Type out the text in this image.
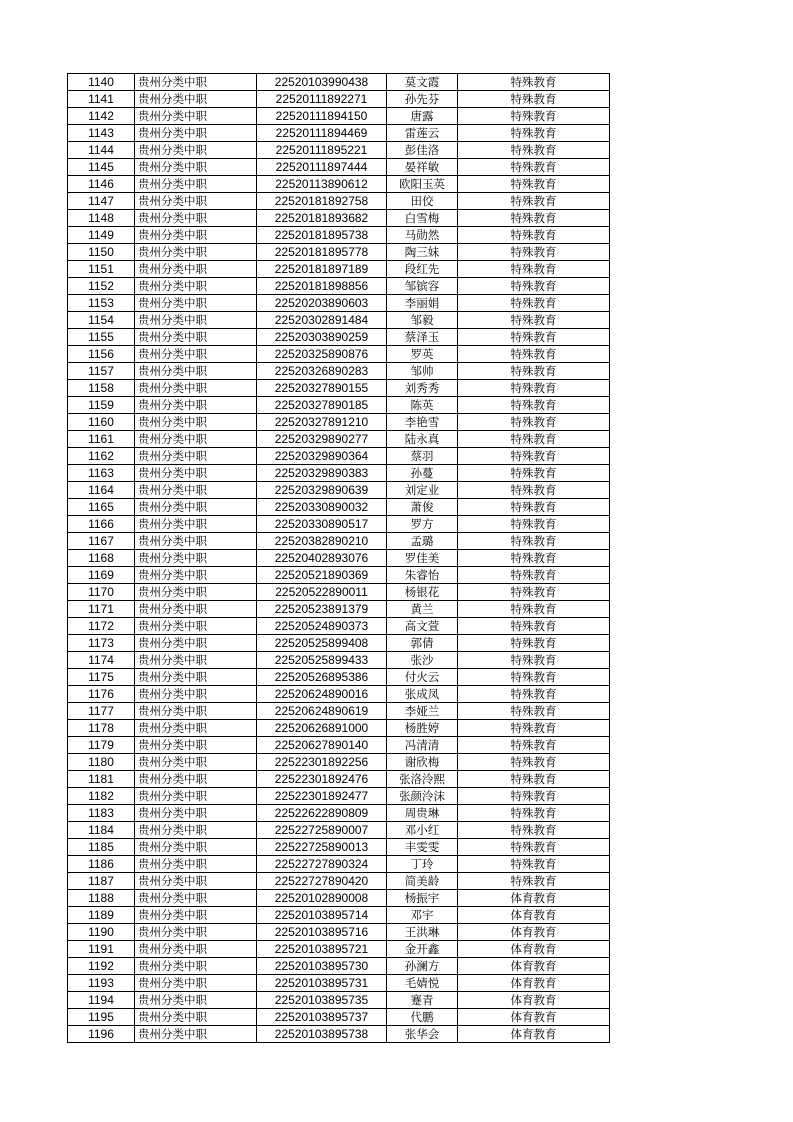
1140	贵州分类中职	22520103990438	莫文霞	特殊教育
1141	贵州分类中职	22520111892271	孙先芬	特殊教育
1142	贵州分类中职	22520111894150	唐露	特殊教育
1143	贵州分类中职	22520111894469	雷莲云	特殊教育
1144	贵州分类中职	22520111895221	彭佳洛	特殊教育
1145	贵州分类中职	22520111897444	晏祥敏	特殊教育
1146	贵州分类中职	22520113890612	欧阳玉英	特殊教育
1147	贵州分类中职	22520181892758	田佼	特殊教育
1148	贵州分类中职	22520181893682	白雪梅	特殊教育
1149	贵州分类中职	22520181895738	马勋然	特殊教育
1150	贵州分类中职	22520181895778	陶三妹	特殊教育
1151	贵州分类中职	22520181897189	段红先	特殊教育
1152	贵州分类中职	22520181898856	邹镔容	特殊教育
1153	贵州分类中职	22520203890603	李丽娟	特殊教育
1154	贵州分类中职	22520302891484	邹毅	特殊教育
1155	贵州分类中职	22520303890259	蔡泽玉	特殊教育
1156	贵州分类中职	22520325890876	罗英	特殊教育
1157	贵州分类中职	22520326890283	邹帅	特殊教育
1158	贵州分类中职	22520327890155	刘秀秀	特殊教育
1159	贵州分类中职	22520327890185	陈英	特殊教育
1160	贵州分类中职	22520327891210	李艳雪	特殊教育
1161	贵州分类中职	22520329890277	陆永真	特殊教育
1162	贵州分类中职	22520329890364	蔡羽	特殊教育
1163	贵州分类中职	22520329890383	孙蔓	特殊教育
1164	贵州分类中职	22520329890639	刘定业	特殊教育
1165	贵州分类中职	22520330890032	萧俊	特殊教育
1166	贵州分类中职	22520330890517	罗方	特殊教育
1167	贵州分类中职	22520382890210	孟璐	特殊教育
1168	贵州分类中职	22520402893076	罗佳美	特殊教育
1169	贵州分类中职	22520521890369	朱睿怡	特殊教育
1170	贵州分类中职	22520522890011	杨银花	特殊教育
1171	贵州分类中职	22520523891379	黄兰	特殊教育
1172	贵州分类中职	22520524890373	高文萱	特殊教育
1173	贵州分类中职	22520525899408	郭倩	特殊教育
1174	贵州分类中职	22520525899433	张沙	特殊教育
1175	贵州分类中职	22520526895386	付火云	特殊教育
1176	贵州分类中职	22520624890016	张成凤	特殊教育
1177	贵州分类中职	22520624890619	李娅兰	特殊教育
1178	贵州分类中职	22520626891000	杨胜婷	特殊教育
1179	贵州分类中职	22520627890140	冯清清	特殊教育
1180	贵州分类中职	22522301892256	谢欣梅	特殊教育
1181	贵州分类中职	22522301892476	张洛泠熙	特殊教育
1182	贵州分类中职	22522301892477	张颜泠沫	特殊教育
1183	贵州分类中职	22522622890809	周贵琳	特殊教育
1184	贵州分类中职	22522725890007	邓小红	特殊教育
1185	贵州分类中职	22522725890013	丰雯雯	特殊教育
1186	贵州分类中职	22522727890324	丁玲	特殊教育
1187	贵州分类中职	22522727890420	简美龄	特殊教育
1188	贵州分类中职	22520102890008	杨振宇	体育教育
1189	贵州分类中职	22520103895714	邓宇	体育教育
1190	贵州分类中职	22520103895716	王洪琳	体育教育
1191	贵州分类中职	22520103895721	金开鑫	体育教育
1192	贵州分类中职	22520103895730	孙澜方	体育教育
1193	贵州分类中职	22520103895731	毛婧悦	体育教育
1194	贵州分类中职	22520103895735	蹇青	体育教育
1195	贵州分类中职	22520103895737	代鹏	体育教育
1196	贵州分类中职	22520103895738	张华会	体育教育
